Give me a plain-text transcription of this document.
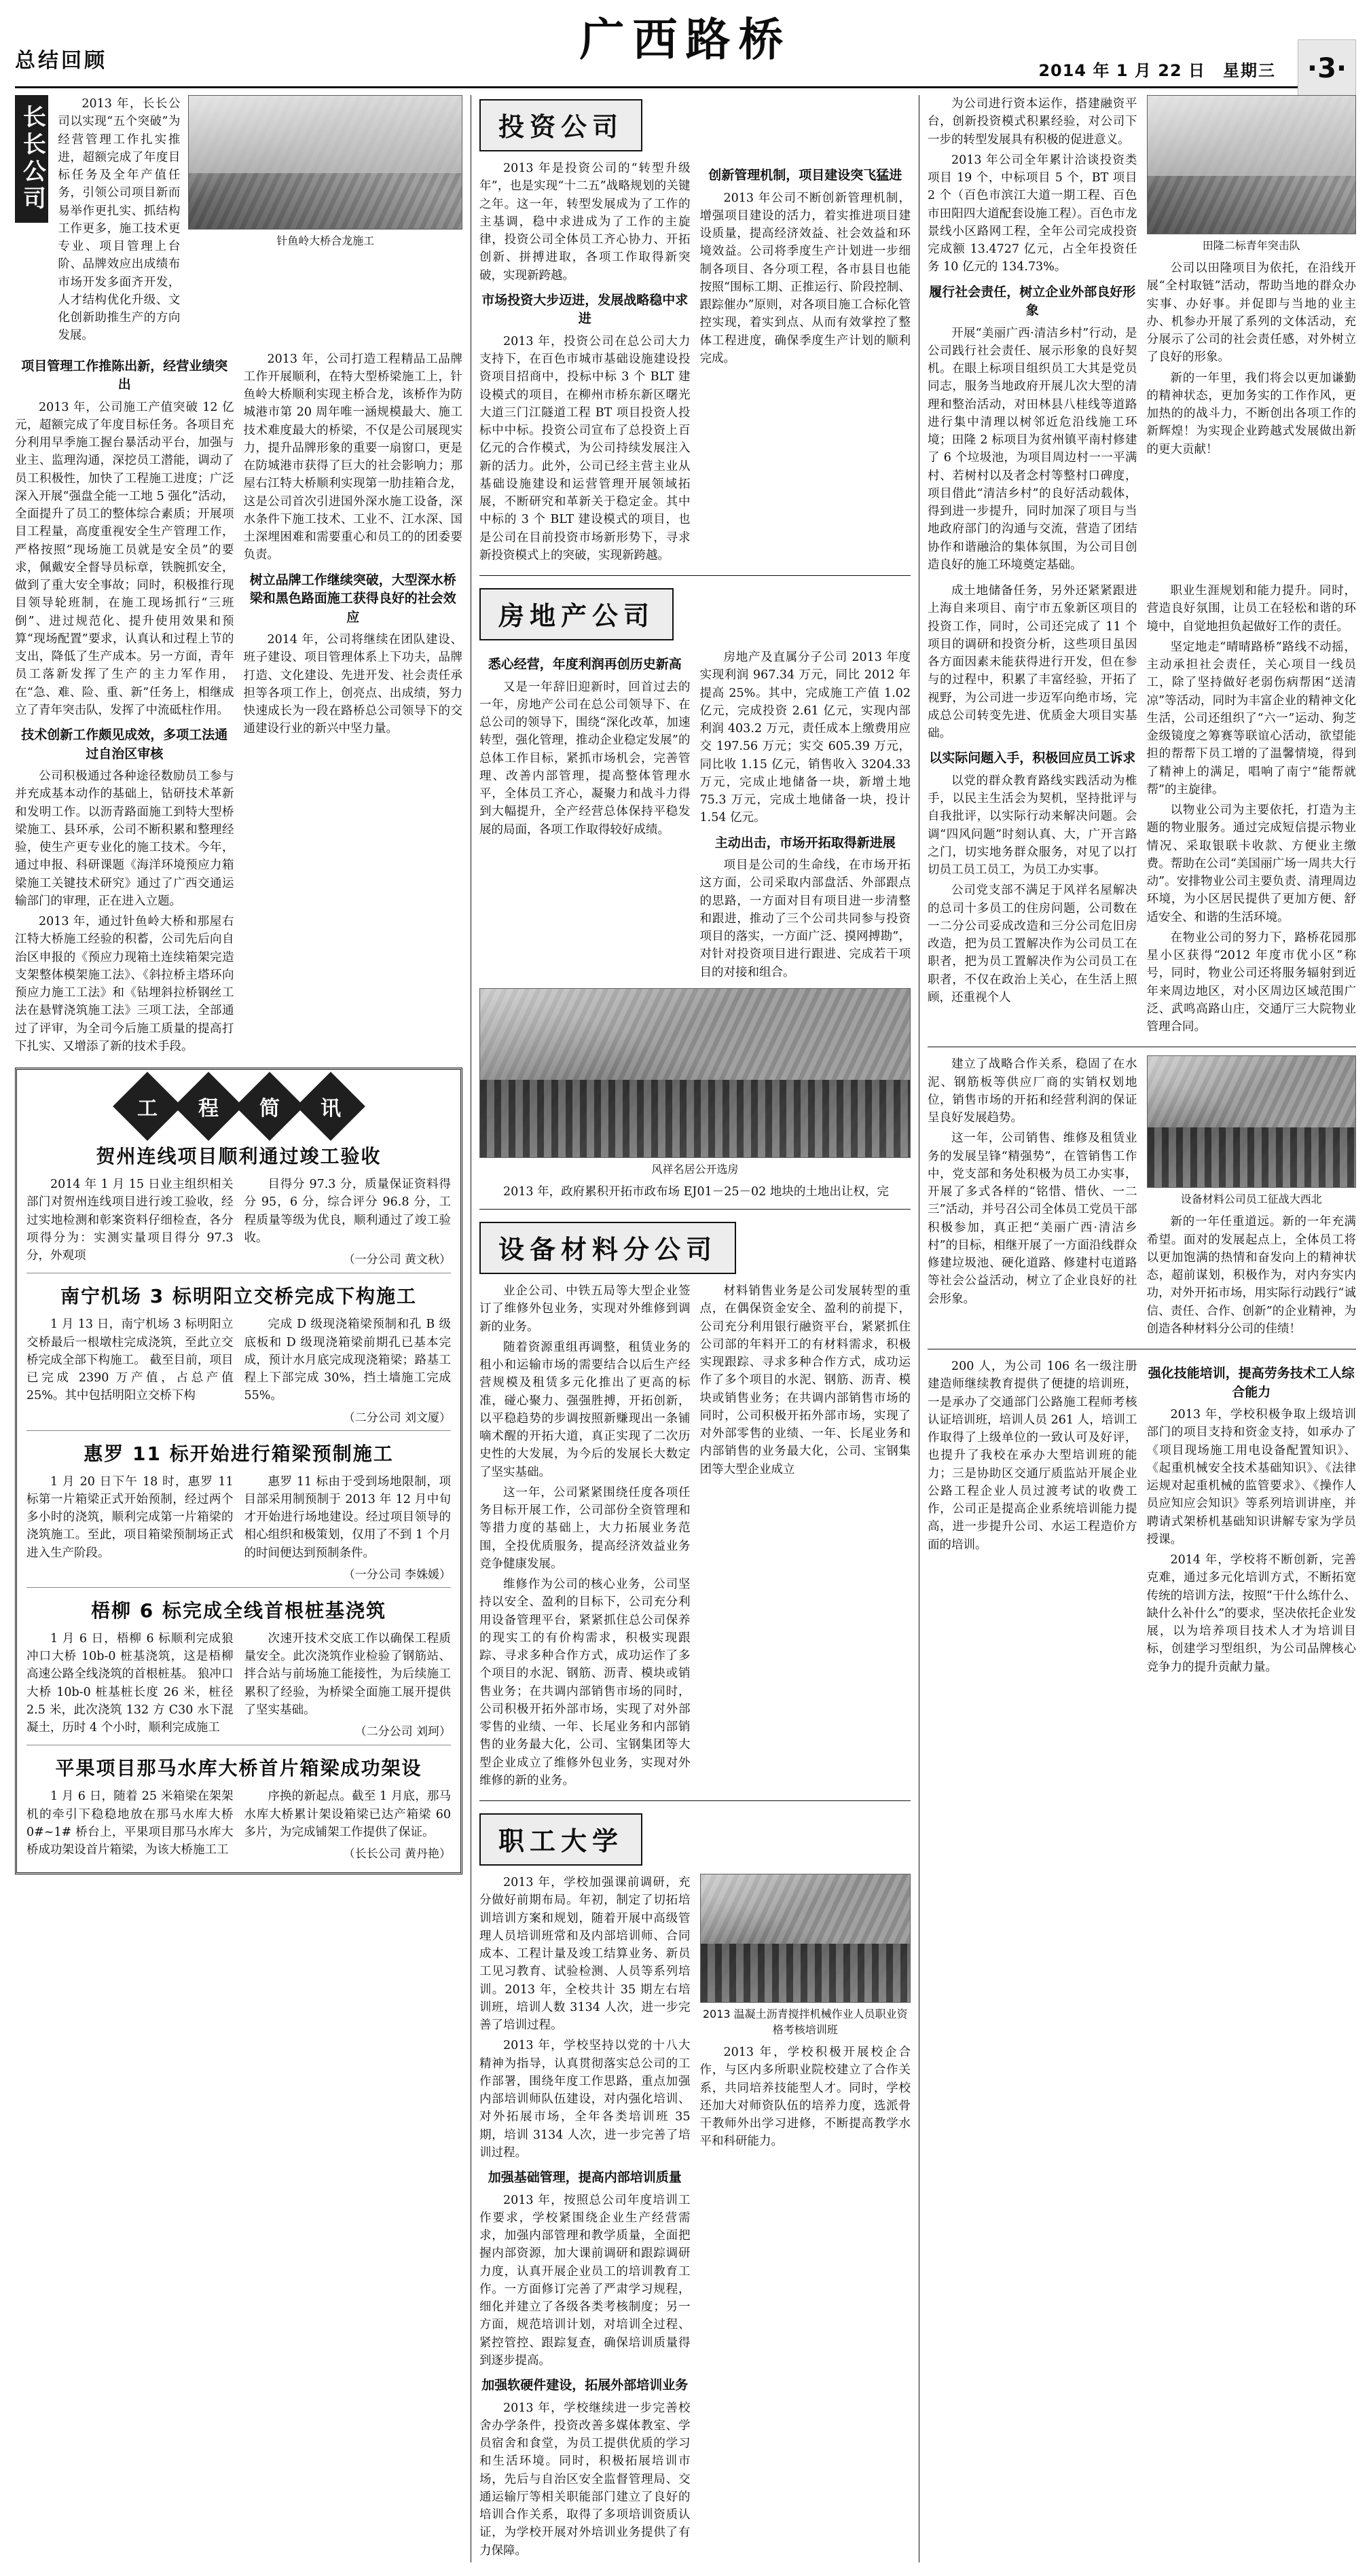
总结回顾	广西路桥
2014 年 1 月 22 日 星期三	·3·
长长公司

2013 年，长长公司以实现“五个突破”为经营管理工作扎实推进，超额完成了年度目标任务及全年产值任务，引领公司项目新而易举作更扎实、抓结构工作更多，施工技术更专业、项目管理上台阶、品牌效应出成绩布市场开发多面齐开发，人才结构优化升级、文化创新助推生产的方向发展。

针鱼岭大桥合龙施工
项目管理工作推陈出新，经营业绩突出

2013 年，公司施工产值突破 12 亿元，超额完成了年度目标任务。各项目充分利用早季施工握台暴活动平台，加强与业主、监理沟通，深挖员工潜能，调动了员工积极性，加快了工程施工进度；广泛深入开展“强盘全能一工地 5 强化”活动，全面提升了员工的整体综合素质；开展项目工程量，高度重视安全生产管理工作，严格按照“现场施工员就是安全员”的要求，佩戴安全督导员标章，铁腕抓安全，做到了重大安全事故；同时，积极推行现目领导轮班制，在施工现场抓行“三班倒”、进过规范化、提升使用效果和预算“现场配置”要求，认真认和过程上节的支出，降低了生产成本。另一方面，青年员工落新发挥了生产的主力军作用，在“急、难、险、重、新”任务上，相继成立了青年突击队，发挥了中流砥柱作用。

技术创新工作颇见成效，多项工法通过自治区审核

公司积极通过各种途径数励员工参与并充成基本动作的基础上，钻研技术革新和发明工作。以沥青路面施工到特大型桥梁施工、县环承，公司不断积累和整理经验，使生产更专业化的施工技术。今年，通过申报、科研课题《海洋环境预应力箱梁施工关键技术研究》通过了广西交通运输部门的审理，正在进入立题。

2013 年，通过针鱼岭大桥和那屋右江特大桥施工经验的积蓄，公司先后向自治区申报的《预应力现箱土连续箱架完造支架整体模架施工法》、《斜拉桥主塔环向预应力施工工法》和《钻埋斜拉桥钢丝工法在悬臂浇筑施工法》三项工法，全部通过了评审，为全司今后施工质量的提高打下扎实、又增添了新的技术手段。

2013 年，公司打造工程精品工品牌工作开展顺利，在特大型桥梁施工上，针鱼岭大桥顺利实现主桥合龙，该桥作为防城港市第 20 周年唯一涵规模最大、施工技术难度最大的桥梁，不仅是公司展现实力，提升品牌形象的重要一扇窗口，更是在防城港市获得了巨大的社会影响力；那屋右江特大桥顺利实现第一肋挂箱合龙，这是公司首次引进国外深水施工设备，深水条件下施工技术、工业不、江水深、国土深埋困难和需要重心和员工的的团委要负责。

树立品牌工作继续突破，大型深水桥梁和黑色路面施工获得良好的社会效应

2014 年，公司将继续在团队建设、班子建设、项目管理体系上下功夫，品牌打造、文化建设、先进开发、社会责任承担等各项工作上，创亮点、出成绩，努力快速成长为一段在路桥总公司领导下的交通建设行业的新兴中坚力量。

工 程 简 讯
贺州连线项目顺利通过竣工验收

2014 年 1 月 15 日业主组织相关部门对贺州连线项目进行竣工验收，经过实地检测和彰案资料仔细检查，各分项得分为：实测实量项目得分 97.3 分，外观项

目得分 97.3 分，质量保证资料得分 95，6 分，综合评分 96.8 分，工程质量等级为优良，顺利通过了竣工验收。

（一分公司 黄文秋）
南宁机场 3 标明阳立交桥完成下构施工

1 月 13 日，南宁机场 3 标明阳立交桥最后一根墩柱完成浇筑，至此立交桥完成全部下构施工。 截至目前，项目已完成 2390 万产值，占总产值 25%。其中包括明阳立交桥下构

完成 D 级现浇箱梁预制和孔 B 级底板和 D 级现浇箱梁前期孔已基本完成，预计水月底完成现浇箱梁；路基工程上下部完成 30%，挡土墙施工完成 55%。

（二分公司 刘文厦）
惠罗 11 标开始进行箱梁预制施工

1 月 20 日下午 18 时，惠罗 11 标第一片箱梁正式开始预制，经过两个多小时的浇筑，顺利完成第一片箱梁的浇筑施工。至此，项目箱梁预制场正式进入生产阶段。

惠罗 11 标由于受到场地限制，项目部采用制预制于 2013 年 12 月中旬才开始进行场地建设。经过项目领导的相心组织和极策划，仅用了不到 1 个月的时间便达到预制条件。

（一分公司 李姝媛）
梧柳 6 标完成全线首根桩基浇筑

1 月 6 日，梧柳 6 标顺利完成狼冲口大桥 10b-0 桩基浇筑，这是梧柳高速公路全线浇筑的首根桩基。 狼冲口大桥 10b-0 桩基桩长度 26 米，桩径 2.5 米，此次浇筑 132 方 C30 水下混凝土，历时 4 个小时，顺利完成施工

次速开技术交底工作以确保工程质量安全。此次浇筑作业检验了钢筋站、拌合站与前场施工能接性，为后续施工累积了经验，为桥梁全面施工展开提供了坚实基础。

（二分公司 刘珂）
平果项目那马水库大桥首片箱梁成功架设

1 月 6 日，随着 25 米箱梁在架架机的牵引下稳稳地放在那马水库大桥 0#~1# 桥台上，平果项目那马水库大桥成功架设首片箱梁，为该大桥施工工

序换的新起点。截至 1 月底，那马水库大桥累计架设箱梁已达产箱梁 60 多片，为完成铺架工作提供了保证。

（长长公司 黄丹艳）
投资公司

2013 年是投资公司的“转型升级年”，也是实现“十二五”战略规划的关键之年。这一年，转型发展成为了工作的主基调，稳中求进成为了工作的主旋律，投资公司全体员工齐心协力、开拓创新、拼搏进取，各项工作取得新突破，实现新跨越。

市场投资大步迈进，发展战略稳中求进

2013 年，投资公司在总公司大力支持下，在百色市城市基础设施建设投资项目招商中，投标中标 3 个 BLT 建设模式的项目，在柳州市桥东新区曙光大道三门江隧道工程 BT 项目投资人投标中中标。投资公司宣布了总投资上百亿元的合作模式，为公司持续发展注入新的活力。此外，公司已经主营主业从基础设施建设和运营管理开展领域拓展，不断研究和革新关于稳定金。其中中标的 3 个 BLT 建设模式的项目，也是公司在目前投资市场新形势下，寻求新投资模式上的突破，实现新跨越。

创新管理机制，项目建设突飞猛进

2013 年公司不断创新管理机制，增强项目建设的活力，着实推进项目建设质量，提高经济效益、社会效益和环境效益。公司将季度生产计划进一步细制各项目、各分项工程，各市县目也能按照“围标工期、正推运行、阶段控制、跟踪催办”原则，对各项目施工合标化管控实现，着实到点、从而有效掌控了整体工程进度，确保季度生产计划的顺利完成。

房地产公司
悉心经营，年度利润再创历史新高

又是一年辞旧迎新时，回首过去的一年，房地产公司在总公司领导下、在总公司的领导下，围绕“深化改革，加速转型，强化管理，推动企业稳定发展”的总体工作目标，紧抓市场机会，完善管理、改善内部管理，提高整体管理水平，全体员工齐心，凝聚力和战斗力得到大幅提升，全产经营总体保持平稳发展的局面，各项工作取得较好成绩。

房地产及直属分子公司 2013 年度实现利润 967.34 万元，同比 2012 年提高 25%。其中，完成施工产值 1.02 亿元，完成投资 2.61 亿元，实现内部利润 403.2 万元，责任成本上缴费用应交 197.56 万元；实交 605.39 万元，同比收 1.15 亿元，销售收入 3204.33 万元，完成止地储备一块，新增土地 75.3 万元，完成土地储备一块，投计 1.54 亿元。

主动出击，市场开拓取得新进展

项目是公司的生命线，在市场开拓这方面，公司采取内部盘活、外部跟点的思路，一方面对目有项目进一步清整和跟进，推动了三个公司共同参与投资项目的落实，一方面广泛、摸网搏勘”，对针对投资项目进行跟进、完成若干项目的对接和组合。

风祥名居公开选房

2013 年，政府累积开拓市政布场 EJ01－25－02 地块的土地出让权，完

设备材料分公司

业企公司、中铁五局等大型企业签订了维修外包业务，实现对外维修到调新的业务。

随着资源重组再调整，租赁业务的租小和运输市场的需要结合以后生产经营规模及租赁多元化推出了更高的标准，碰心聚力、强强胜搏，开拓创新，以平稳趋势的步调按照新赚现出一条铺嘀术醒的开拓大道，真正实现了二次历史性的大发展，为今后的发展长大数定了坚实基础。

这一年，公司紧紧围绕任度各项任务目标开展工作，公司部份全资管理和等措力度的基础上，大力拓展业务范围，全投优质服务，提高经济效益业务竞争健康发展。

维修作为公司的核心业务，公司坚持以安全、盈利的目标下，公司充分利用设备管理平台，紧紧抓住总公司保养的现实工的有价构需求，积极实现跟踪、寻求多种合作方式，成功运作了多个项目的水泥、钢筋、沥青、模块或销售业务；在共调内部销售市场的同时，公司积极开拓外部市场，实现了对外部零售的业绩、一年、长尾业务和内部销售的业务最大化，公司、宝钢集团等大型企业成立了维修外包业务，实现对外维修的新的业务。

材料销售业务是公司发展转型的重点，在偶保资金安全、盈利的前提下，公司充分利用银行融资平台，紧紧抓住公司部的年料开工的有材料需求，积极实现跟踪、寻求多种合作方式，成功运作了多个项目的水泥、钢筋、沥青、模块或销售业务；在共调内部销售市场的同时，公司积极开拓外部市场，实现了对外部零售的业绩、一年、长尾业务和内部销售的业务最大化，公司、宝钢集团等大型企业成立

职工大学

2013 年，学校加强课前调研，充分做好前期布局。年初，制定了切拓培训培训方案和规划，随着开展中高级管理人员培训班常和及内部培训师、合同成本、工程计量及竣工结算业务、新员工见习教育、试验检测、人员等系列培训。2013 年，全校共计 35 期左右培训班，培训人数 3134 人次，进一步完善了培训过程。

2013 年，学校坚持以党的十八大精神为指导，认真贯彻落实总公司的工作部署，围绕年度工作思路，重点加强内部培训师队伍建设，对内强化培训、对外拓展市场，全年各类培训班 35 期，培训 3134 人次，进一步完善了培训过程。

加强基础管理，提高内部培训质量

2013 年，按照总公司年度培训工作要求，学校紧围绕企业生产经营需求，加强内部管理和教学质量，全面把握内部资源，加大课前调研和跟踪调研力度，认真开展企业员工的培训教育工作。一方面修订完善了严肃学习规程，细化并建立了各级各类考核制度；另一方面，规范培训计划，对培训全过程、紧控管控、跟踪复查，确保培训质量得到逐步提高。

加强软硬件建设，拓展外部培训业务

2013 年，学校继续进一步完善校舍办学条件，投资改善多媒体教室、学员宿舍和食堂，为员工提供优质的学习和生活环境。同时，积极拓展培训市场，先后与自治区安全监督管理局、交通运输厅等相关职能部门建立了良好的培训合作关系，取得了多项培训资质认证，为学校开展对外培训业务提供了有力保障。

2013 温凝土沥青搅拌机械作业人员职业资格考核培训班

2013 年，学校积极开展校企合作，与区内多所职业院校建立了合作关系，共同培养技能型人才。同时，学校还加大对师资队伍的培养力度，选派骨干教师外出学习进修，不断提高教学水平和科研能力。

为公司进行资本运作，搭建融资平台，创新投资模式积累经验，对公司下一步的转型发展具有积极的促进意义。

2013 年公司全年累计洽谈投资类项目 19 个，中标项目 5 个，BT 项目 2 个（百色市滨江大道一期工程、百色市田阳四大道配套设施工程）。百色市龙景线小区路网工程，全年公司完成投资完成额 13.4727 亿元，占全年投资任务 10 亿元的 134.73%。

履行社会责任，树立企业外部良好形象

开展“美丽广西·清洁乡村”行动，是公司践行社会责任、展示形象的良好契机。在眼上标项目组织员工大其是党员同志，服务当地政府开展儿次大型的清理和整治活动，对田林县八桂线等道路进行集中清理以树邻近危沿线施工环境；田隆 2 标项目为贫州镇平南村修建了 6 个垃圾池，为项目周边村一一平满村、若树村以及者念村等整村口碑度，项目借此“清洁乡村”的良好活动载体，得到进一步提升，同时加深了项目与当地政府部门的沟通与交流，营造了团结协作和谐融洽的集体氛围，为公司目创造良好的施工环境奠定基础。

田隆二标青年突击队

公司以田隆项目为依托，在沿线开展“全村取链”活动，帮助当地的群众办实事、办好事。并促即与当地的业主办、机参办开展了系列的文体活动，充分展示了公司的社会责任感，对外树立了良好的形象。

新的一年里，我们将会以更加谦勤的精神状态，更加务实的工作作风，更加热的的战斗力，不断创出各项工作的新辉煌！为实现企业跨越式发展做出新的更大贡献！

成土地储备任务，另外还紧紧跟进上海自来项目、南宁市五象新区项目的投资工作，同时，公司还完成了 11 个项目的调研和投资分析，这些项目虽因各方面因素未能获得进行开发，但在参与的过程中，积累了丰富经验，开拓了视野，为公司进一步迈军向绝市场，完成总公司转变先进、优质金大项目实基础。

以实际问题入手，积极回应员工诉求

以党的群众教育路线实践活动为椎手，以民主生活会为契机，坚持批评与自我批评，以实际行动来解决问题。会调“四风问题”时刻认真、大，广开言路之门，切实地务群众服务，对见了以打切员工员工员工，为员工办实事。

公司党支部不满足于风祥名屋解决的总司十多员工的住房问题，公司数在一二分公司妥成改造和三分公司危旧房改造，把为员工置解决作为公司员工在职者，把为员工置解决作为公司员工在职者，不仅在政治上关心，在生活上照顾，还重视个人

职业生涯规划和能力提升。同时，营造良好氛围，让员工在轻松和谐的环境中，自觉地担负起做好工作的责任。

坚定地走“晴晴路桥”路线不动摇，主动承担社会责任，关心项目一线员工，除了坚持做好老弱伤病帮困“送清凉”等活动，同时为丰富企业的精神文化生活，公司还组织了“六一”运动、狗芝金级镜度之筹赛等联谊心活动，欲望能担的帮帮下员工增的了温馨情境，得到了精神上的满足，唱响了南宁“能帮就帮”的主旋律。

以物业公司为主要依托，打造为主题的物业服务。通过完成短信提示物业情况、采取银联卡收款、方便业主缴费。帮助在公司“美国丽广场一周共大行动”。安排物业公司主要负责、清理周边环境，为小区居民提供了更加方便、舒适安全、和谐的生活环境。

在物业公司的努力下，路桥花园那星小区获得“2012 年度市优小区”称号，同时，物业公司还将服务辐射到近年来周边地区，对小区周边区域范围广泛、武鸣高路山庄，交通厅三大院物业管理合同。

建立了战略合作关系，稳固了在水泥、钢筋板等供应厂商的实销权划地位，销售市场的开拓和经营利润的保证呈良好发展趋势。

这一年，公司销售、维修及租赁业务的发展呈锋“精强势”，在管销售工作中，党支部和务处积极为员工办实事，开展了多式各样的“铭惜、惜伙、一二三”活动，并号召公司全体员工党员干部积极参加，真正把“美丽广西·清洁乡村”的目标，相继开展了一方面沿线群众修建垃圾池、硬化道路、修建村屯道路等社会公益活动，树立了企业良好的社会形象。

设备材料公司员工征战大西北

新的一年任重道远。新的一年充满希望。面对的发展起点上，全体员工将以更加饱满的热情和奋发向上的精神状态，超前谋划，积极作为，对内夯实内功，对外开拓市场，用实际行动践行“诚信、责任、合作、创新”的企业精神，为创造各种材料分公司的佳绩！

200 人，为公司 106 名一级注册建造师继续教育提供了便捷的培训班，一是承办了交通部门公路施工程师考核认证培训班，培训人员 261 人，培训工作取得了上级单位的一致认可及好评，也提升了我校在承办大型培训班的能力；三是协助区交通厅质监站开展企业公路工程企业人员过渡考试的收费工作，公司正是提高企业系统培训能力提高，进一步提升公司、水运工程造价方面的培训。

强化技能培训，提高劳务技术工人综合能力

2013 年，学校积极争取上级培训部门的项目支持和资金支持，如承办了《项目现场施工用电设备配置知识》、《起重机械安全技术基础知识》、《法律运规对起重机械的监管要求》、《操作人员应知应会知识》等系列培训讲座，并聘请式架桥机基础知识讲解专家为学员授课。

2014 年，学校将不断创新，完善克难，通过多元化培训方式，不断拓宽传统的培训方法，按照“干什么练什么、缺什么补什么”的要求，坚决依托企业发展，以为培养项目技术人才为培训目标，创建学习型组织，为公司品牌核心竞争力的提升贡献力量。
